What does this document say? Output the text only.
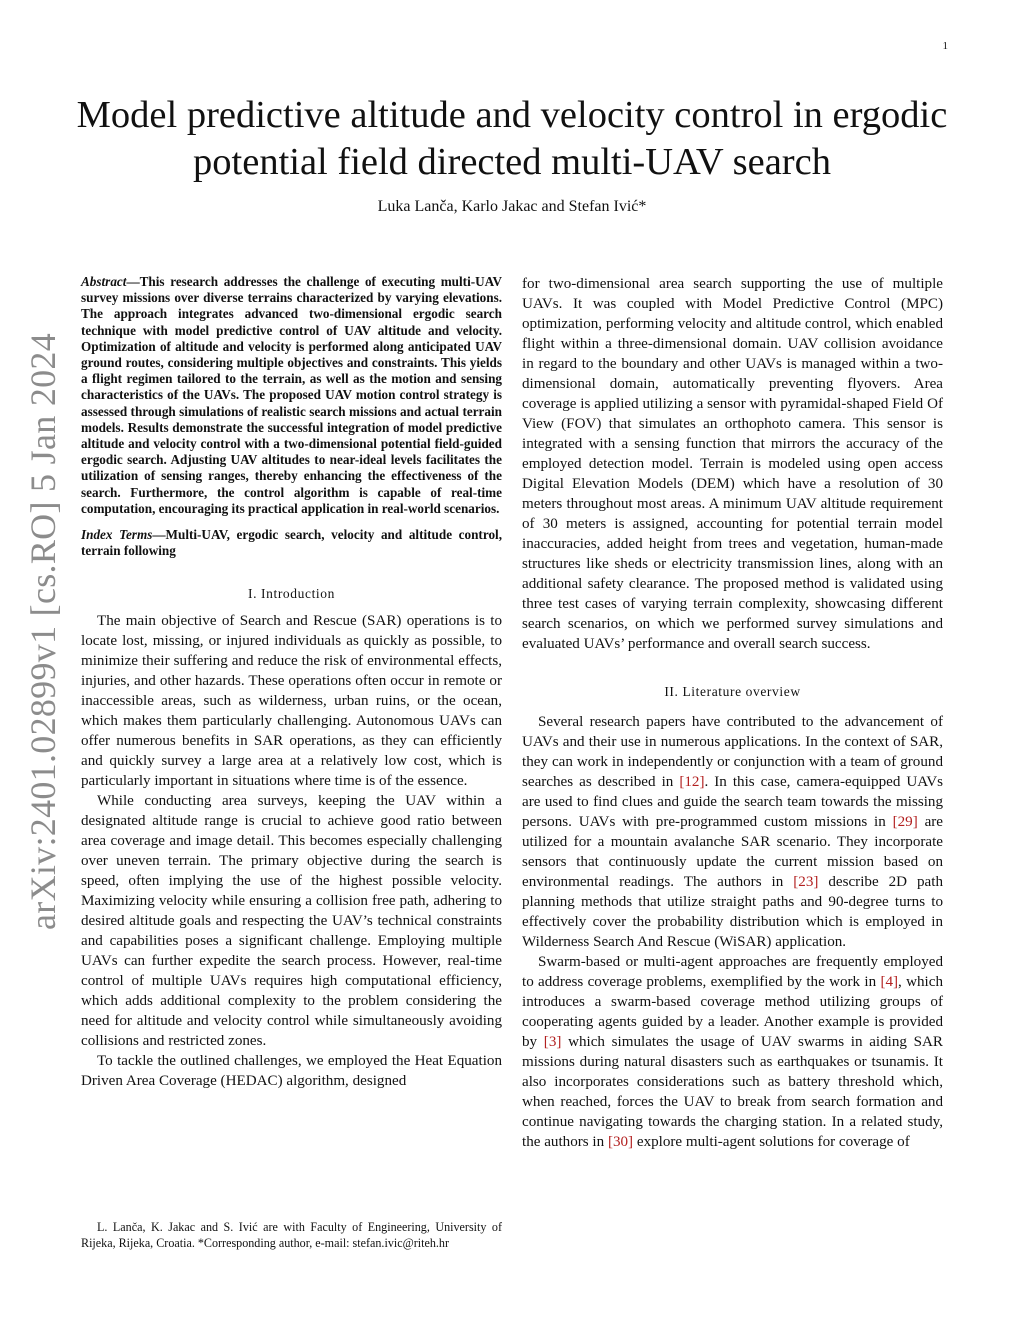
1
arXiv:2401.02899v1 [cs.RO] 5 Jan 2024
Model predictive altitude and velocity control in ergodic potential field directed multi-UAV search
Luka Lanča, Karlo Jakac and Stefan Ivić*

Abstract—This research addresses the challenge of executing multi-UAV survey missions over diverse terrains characterized by varying elevations. The approach integrates advanced two-dimensional ergodic search technique with model predictive control of UAV altitude and velocity. Optimization of altitude and velocity is performed along anticipated UAV ground routes, considering multiple objectives and constraints. This yields a flight regimen tailored to the terrain, as well as the motion and sensing characteristics of the UAVs. The proposed UAV motion control strategy is assessed through simulations of realistic search missions and actual terrain models. Results demonstrate the successful integration of model predictive altitude and velocity control with a two-dimensional potential field-guided ergodic search. Adjusting UAV altitudes to near-ideal levels facilitates the utilization of sensing ranges, thereby enhancing the effectiveness of the search. Furthermore, the control algorithm is capable of real-time computation, encouraging its practical application in real-world scenarios.

Index Terms—Multi-UAV, ergodic search, velocity and altitude control, terrain following

I. Introduction

The main objective of Search and Rescue (SAR) operations is to locate lost, missing, or injured individuals as quickly as possible, to minimize their suffering and reduce the risk of environmental effects, injuries, and other hazards. These operations often occur in remote or inaccessible areas, such as wilderness, urban ruins, or the ocean, which makes them particularly challenging. Autonomous UAVs can offer numerous benefits in SAR operations, as they can efficiently and quickly survey a large area at a relatively low cost, which is particularly important in situations where time is of the essence.

While conducting area surveys, keeping the UAV within a designated altitude range is crucial to achieve good ratio between area coverage and image detail. This becomes especially challenging over uneven terrain. The primary objective during the search is speed, often implying the use of the highest possible velocity. Maximizing velocity while ensuring a collision free path, adhering to desired altitude goals and respecting the UAV’s technical constraints and capabilities poses a significant challenge. Employing multiple UAVs can further expedite the search process. However, real-time control of multiple UAVs requires high computational efficiency, which adds additional complexity to the problem considering the need for altitude and velocity control while simultaneously avoiding collisions and restricted zones.

To tackle the outlined challenges, we employed the Heat Equation Driven Area Coverage (HEDAC) algorithm, designed

for two-dimensional area search supporting the use of multiple UAVs. It was coupled with Model Predictive Control (MPC) optimization, performing velocity and altitude control, which enabled flight within a three-dimensional domain. UAV collision avoidance in regard to the boundary and other UAVs is managed within a two-dimensional domain, automatically preventing flyovers. Area coverage is applied utilizing a sensor with pyramidal-shaped Field Of View (FOV) that simulates an orthophoto camera. This sensor is integrated with a sensing function that mirrors the accuracy of the employed detection model. Terrain is modeled using open access Digital Elevation Models (DEM) which have a resolution of 30 meters throughout most areas. A minimum UAV altitude requirement of 30 meters is assigned, accounting for potential terrain model inaccuracies, added height from trees and vegetation, human-made structures like sheds or electricity transmission lines, along with an additional safety clearance. The proposed method is validated using three test cases of varying terrain complexity, showcasing different search scenarios, on which we performed survey simulations and evaluated UAVs’ performance and overall search success.

II. Literature overview

Several research papers have contributed to the advancement of UAVs and their use in numerous applications. In the context of SAR, they can work in independently or conjunction with a team of ground searches as described in [12]. In this case, camera-equipped UAVs are used to find clues and guide the search team towards the missing persons. UAVs with pre-programmed custom missions in [29] are utilized for a mountain avalanche SAR scenario. They incorporate sensors that continuously update the current mission based on environmental readings. The authors in [23] describe 2D path planning methods that utilize straight paths and 90-degree turns to effectively cover the probability distribution which is employed in Wilderness Search And Rescue (WiSAR) application.

Swarm-based or multi-agent approaches are frequently employed to address coverage problems, exemplified by the work in [4], which introduces a swarm-based coverage method utilizing groups of cooperating agents guided by a leader. Another example is provided by [3] which simulates the usage of UAV swarms in aiding SAR missions during natural disasters such as earthquakes or tsunamis. It also incorporates considerations such as battery threshold which, when reached, forces the UAV to break from search formation and continue navigating towards the charging station. In a related study, the authors in [30] explore multi-agent solutions for coverage of

L. Lanča, K. Jakac and S. Ivić are with Faculty of Engineering, University of Rijeka, Rijeka, Croatia. *Corresponding author, e-mail: stefan.ivic@riteh.hr
